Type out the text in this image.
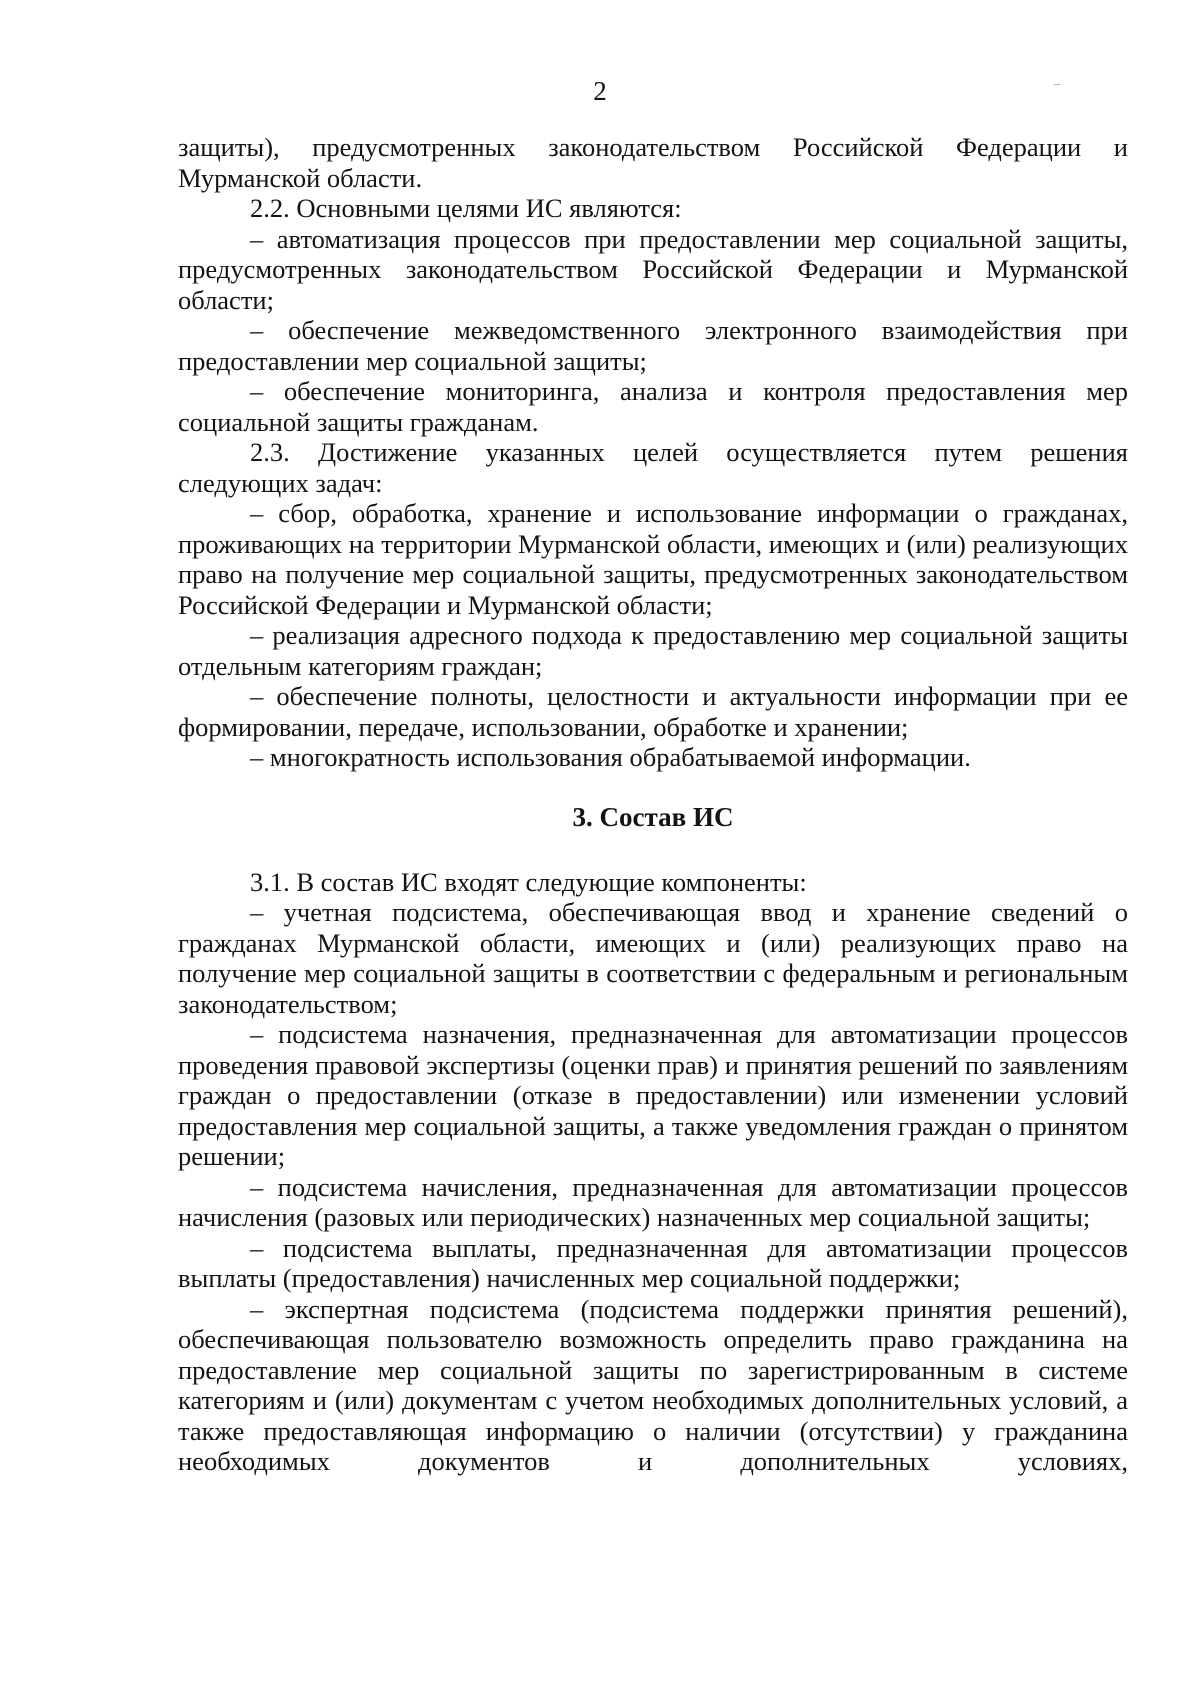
2

защиты), предусмотренных законодательством Российской Федерации и Мурманской области.

2.2. Основными целями ИС являются:

– автоматизация процессов при предоставлении мер социальной защиты, предусмотренных законодательством Российской Федерации и Мурманской области;

– обеспечение межведомственного электронного взаимодействия при предоставлении мер социальной защиты;

– обеспечение мониторинга, анализа и контроля предоставления мер социальной защиты гражданам.

2.3. Достижение указанных целей осуществляется путем решения следующих задач:

– сбор, обработка, хранение и использование информации о гражданах, проживающих на территории Мурманской области, имеющих и (или) реализующих право на получение мер социальной защиты, предусмотренных законодательством Российской Федерации и Мурманской области;

– реализация адресного подхода к предоставлению мер социальной защиты отдельным категориям граждан;

– обеспечение полноты, целостности и актуальности информации при ее формировании, передаче, использовании, обработке и хранении;

– многократность использования обрабатываемой информации.

3. Состав ИС

3.1. В состав ИС входят следующие компоненты:

– учетная подсистема, обеспечивающая ввод и хранение сведений о гражданах Мурманской области, имеющих и (или) реализующих право на получение мер социальной защиты в соответствии с федеральным и региональным законодательством;

– подсистема назначения, предназначенная для автоматизации процессов проведения правовой экспертизы (оценки прав) и принятия решений по заявлениям граждан о предоставлении (отказе в предоставлении) или изменении условий предоставления мер социальной защиты, а также уведомления граждан о принятом решении;

– подсистема начисления, предназначенная для автоматизации процессов начисления (разовых или периодических) назначенных мер социальной защиты;

– подсистема выплаты, предназначенная для автоматизации процессов выплаты (предоставления) начисленных мер социальной поддержки;

– экспертная подсистема (подсистема поддержки принятия решений), обеспечивающая пользователю возможность определить право гражданина на предоставление мер социальной защиты по зарегистрированным в системе категориям и (или) документам с учетом необходимых дополнительных условий, а также предоставляющая информацию о наличии (отсутствии) у гражданина необходимых документов и дополнительных условиях,
